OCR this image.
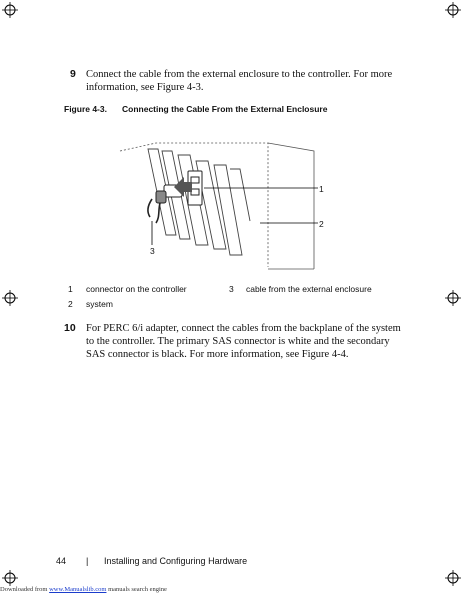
9 Connect the cable from the external enclosure to the controller. For more
information, see Figure 4-3.
Figure 4-3. Connecting the Cable From the External Enclosure
1
2
3
1 connector on the controller	3 cable from the external enclosure
2 system
10 For PERC 6/i adapter, connect the cables from the backplane of the system
to the controller. The primary SAS connector is white and the secondary
SAS connector is black. For more information, see Figure 4-4.
44 | Installing and Configuring Hardware
Downloaded from www.Manualslib.com manuals search engine
